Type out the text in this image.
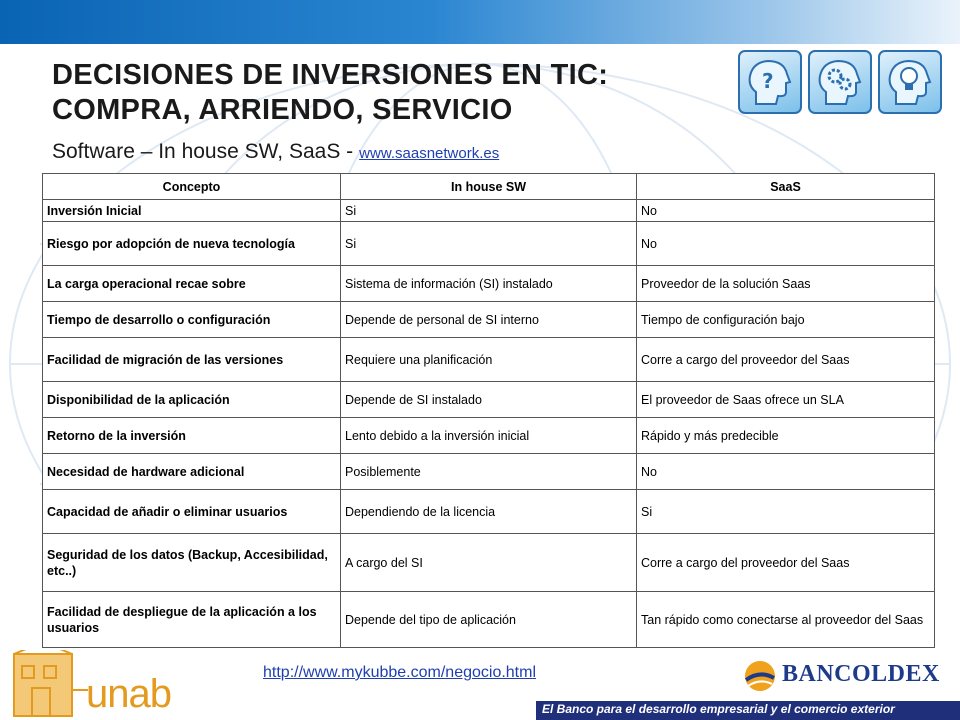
DECISIONES DE INVERSIONES EN TIC:
COMPRA, ARRIENDO, SERVICIO
Software – In house SW, SaaS - www.saasnetwork.es
?
Concepto	In house SW	SaaS
Inversión Inicial	Si	No
Riesgo por adopción de nueva tecnología	Si	No
La carga operacional recae sobre	Sistema de información (SI) instalado	Proveedor de la solución Saas
Tiempo de desarrollo o configuración	Depende de personal de SI interno	Tiempo de configuración bajo
Facilidad de migración de las versiones	Requiere una planificación	Corre a cargo del proveedor del Saas
Disponibilidad de la aplicación	Depende de SI instalado	El proveedor de Saas ofrece un SLA
Retorno de la inversión	Lento debido a la inversión inicial	Rápido y más predecible
Necesidad de hardware adicional	Posiblemente	No
Capacidad de añadir o eliminar usuarios	Dependiendo de la licencia	Si
Seguridad de los datos (Backup, Accesibilidad, etc..)	A cargo del SI	Corre a cargo del proveedor del Saas
Facilidad de despliegue de la aplicación a los usuarios	Depende del tipo de aplicación	Tan rápido como conectarse al proveedor del Saas
http://www.mykubbe.com/negocio.html
unab	BANCOLDEX
El Banco para el desarrollo empresarial y el comercio exterior
